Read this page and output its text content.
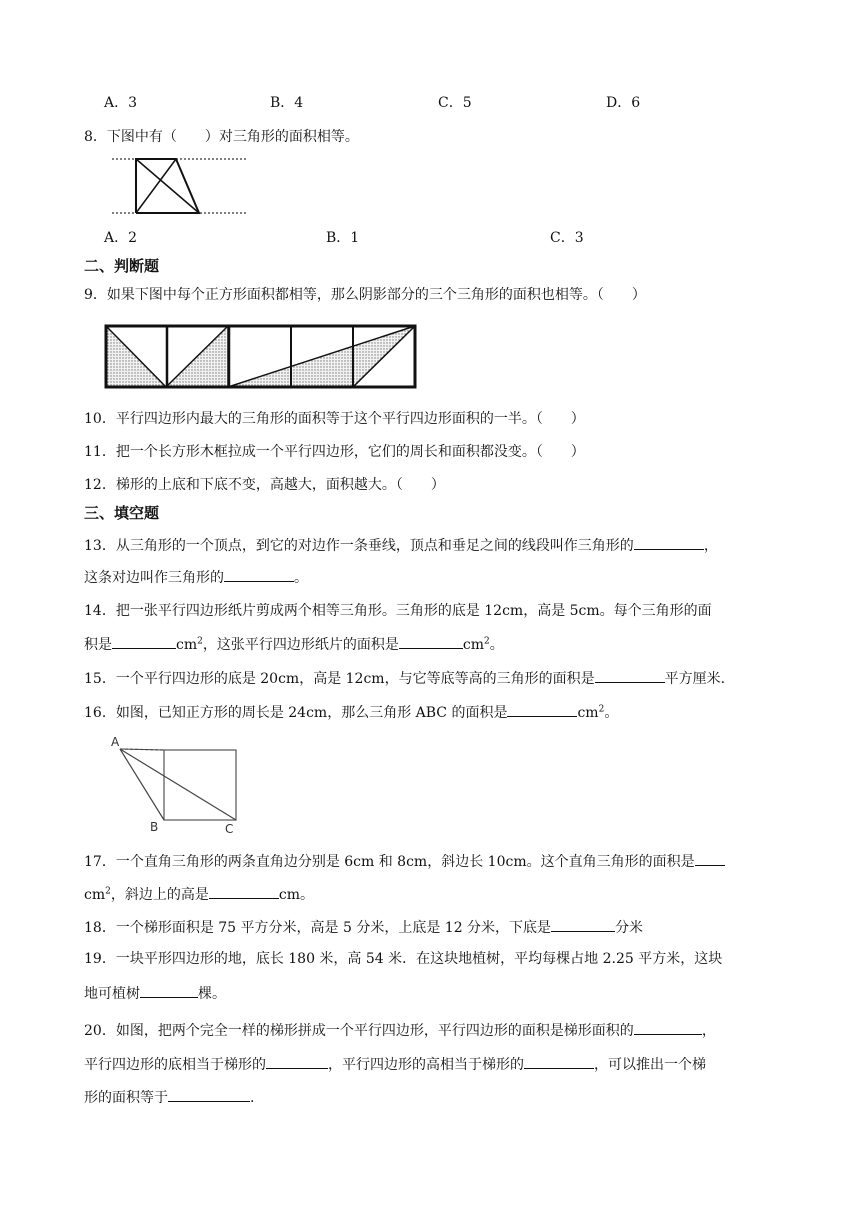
A．3	B．4	C．5	D．6
8．下图中有（　　）对三角形的面积相等。
A．2	B．1	C．3
二、判断题
9．如果下图中每个正方形面积都相等，那么阴影部分的三个三角形的面积也相等。（　　）
10．平行四边形内最大的三角形的面积等于这个平行四边形面积的一半。（　　）
11．把一个长方形木框拉成一个平行四边形，它们的周长和面积都没变。（　　）
12．梯形的上底和下底不变，高越大，面积越大。（　　）
三、填空题
13．从三角形的一个顶点，到它的对边作一条垂线，顶点和垂足之间的线段叫作三角形的	，
这条对边叫作三角形的	。
14．把一张平行四边形纸片剪成两个相等三角形。三角形的底是 12cm，高是 5cm。每个三角形的面
积是	$cm^2$，这张平行四边形纸片的面积是	$cm^2$。
15．一个平行四边形的底是 20cm，高是 12cm，与它等底等高的三角形的面积是	平方厘米.
16．如图，已知正方形的周长是 24cm，那么三角形 ABC 的面积是	$cm^2$。
A
B	C
17．一个直角三角形的两条直角边分别是 6cm 和 8cm，斜边长 10cm。这个直角三角形的面积是
$cm^2$，斜边上的高是	cm。
18．一个梯形面积是 75 平方分米，高是 5 分米，上底是 12 分米，下底是	分米
19．一块平形四边形的地，底长 180 米，高 54 米．在这块地植树，平均每棵占地 2.25 平方米，这块
地可植树	棵。
20．如图，把两个完全一样的梯形拼成一个平行四边形，平行四边形的面积是梯形面积的	，
平行四边形的底相当于梯形的	，平行四边形的高相当于梯形的	，可以推出一个梯
形的面积等于	.
